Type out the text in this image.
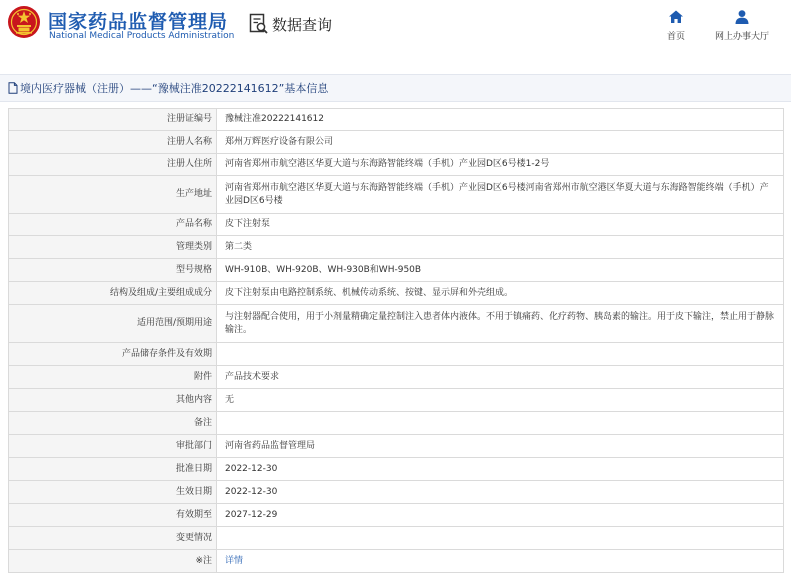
国家药品监督管理局
National Medical Products Administration
数据查询
首页	网上办事大厅
境内医疗器械（注册）——“豫械注准20222141612”基本信息
注册证编号	豫械注准20222141612
注册人名称	郑州万辉医疗设备有限公司
注册人住所	河南省郑州市航空港区华夏大道与东海路智能终端（手机）产业园D区6号楼1-2号
生产地址	河南省郑州市航空港区华夏大道与东海路智能终端（手机）产业园D区6号楼河南省郑州市航空港区华夏大道与东海路智能终端（手机）产业园D区6号楼
产品名称	皮下注射泵
管理类别	第二类
型号规格	WH-910B、WH-920B、WH-930B和WH-950B
结构及组成/主要组成成分	皮下注射泵由电路控制系统、机械传动系统、按键、显示屏和外壳组成。
适用范围/预期用途	与注射器配合使用，用于小剂量精确定量控制注入患者体内液体。不用于镇痛药、化疗药物、胰岛素的输注。用于皮下输注，禁止用于静脉输注。
产品储存条件及有效期	
附件	产品技术要求
其他内容	无
备注	
审批部门	河南省药品监督管理局
批准日期	2022-12-30
生效日期	2022-12-30
有效期至	2027-12-29
变更情况	
※注	详情
